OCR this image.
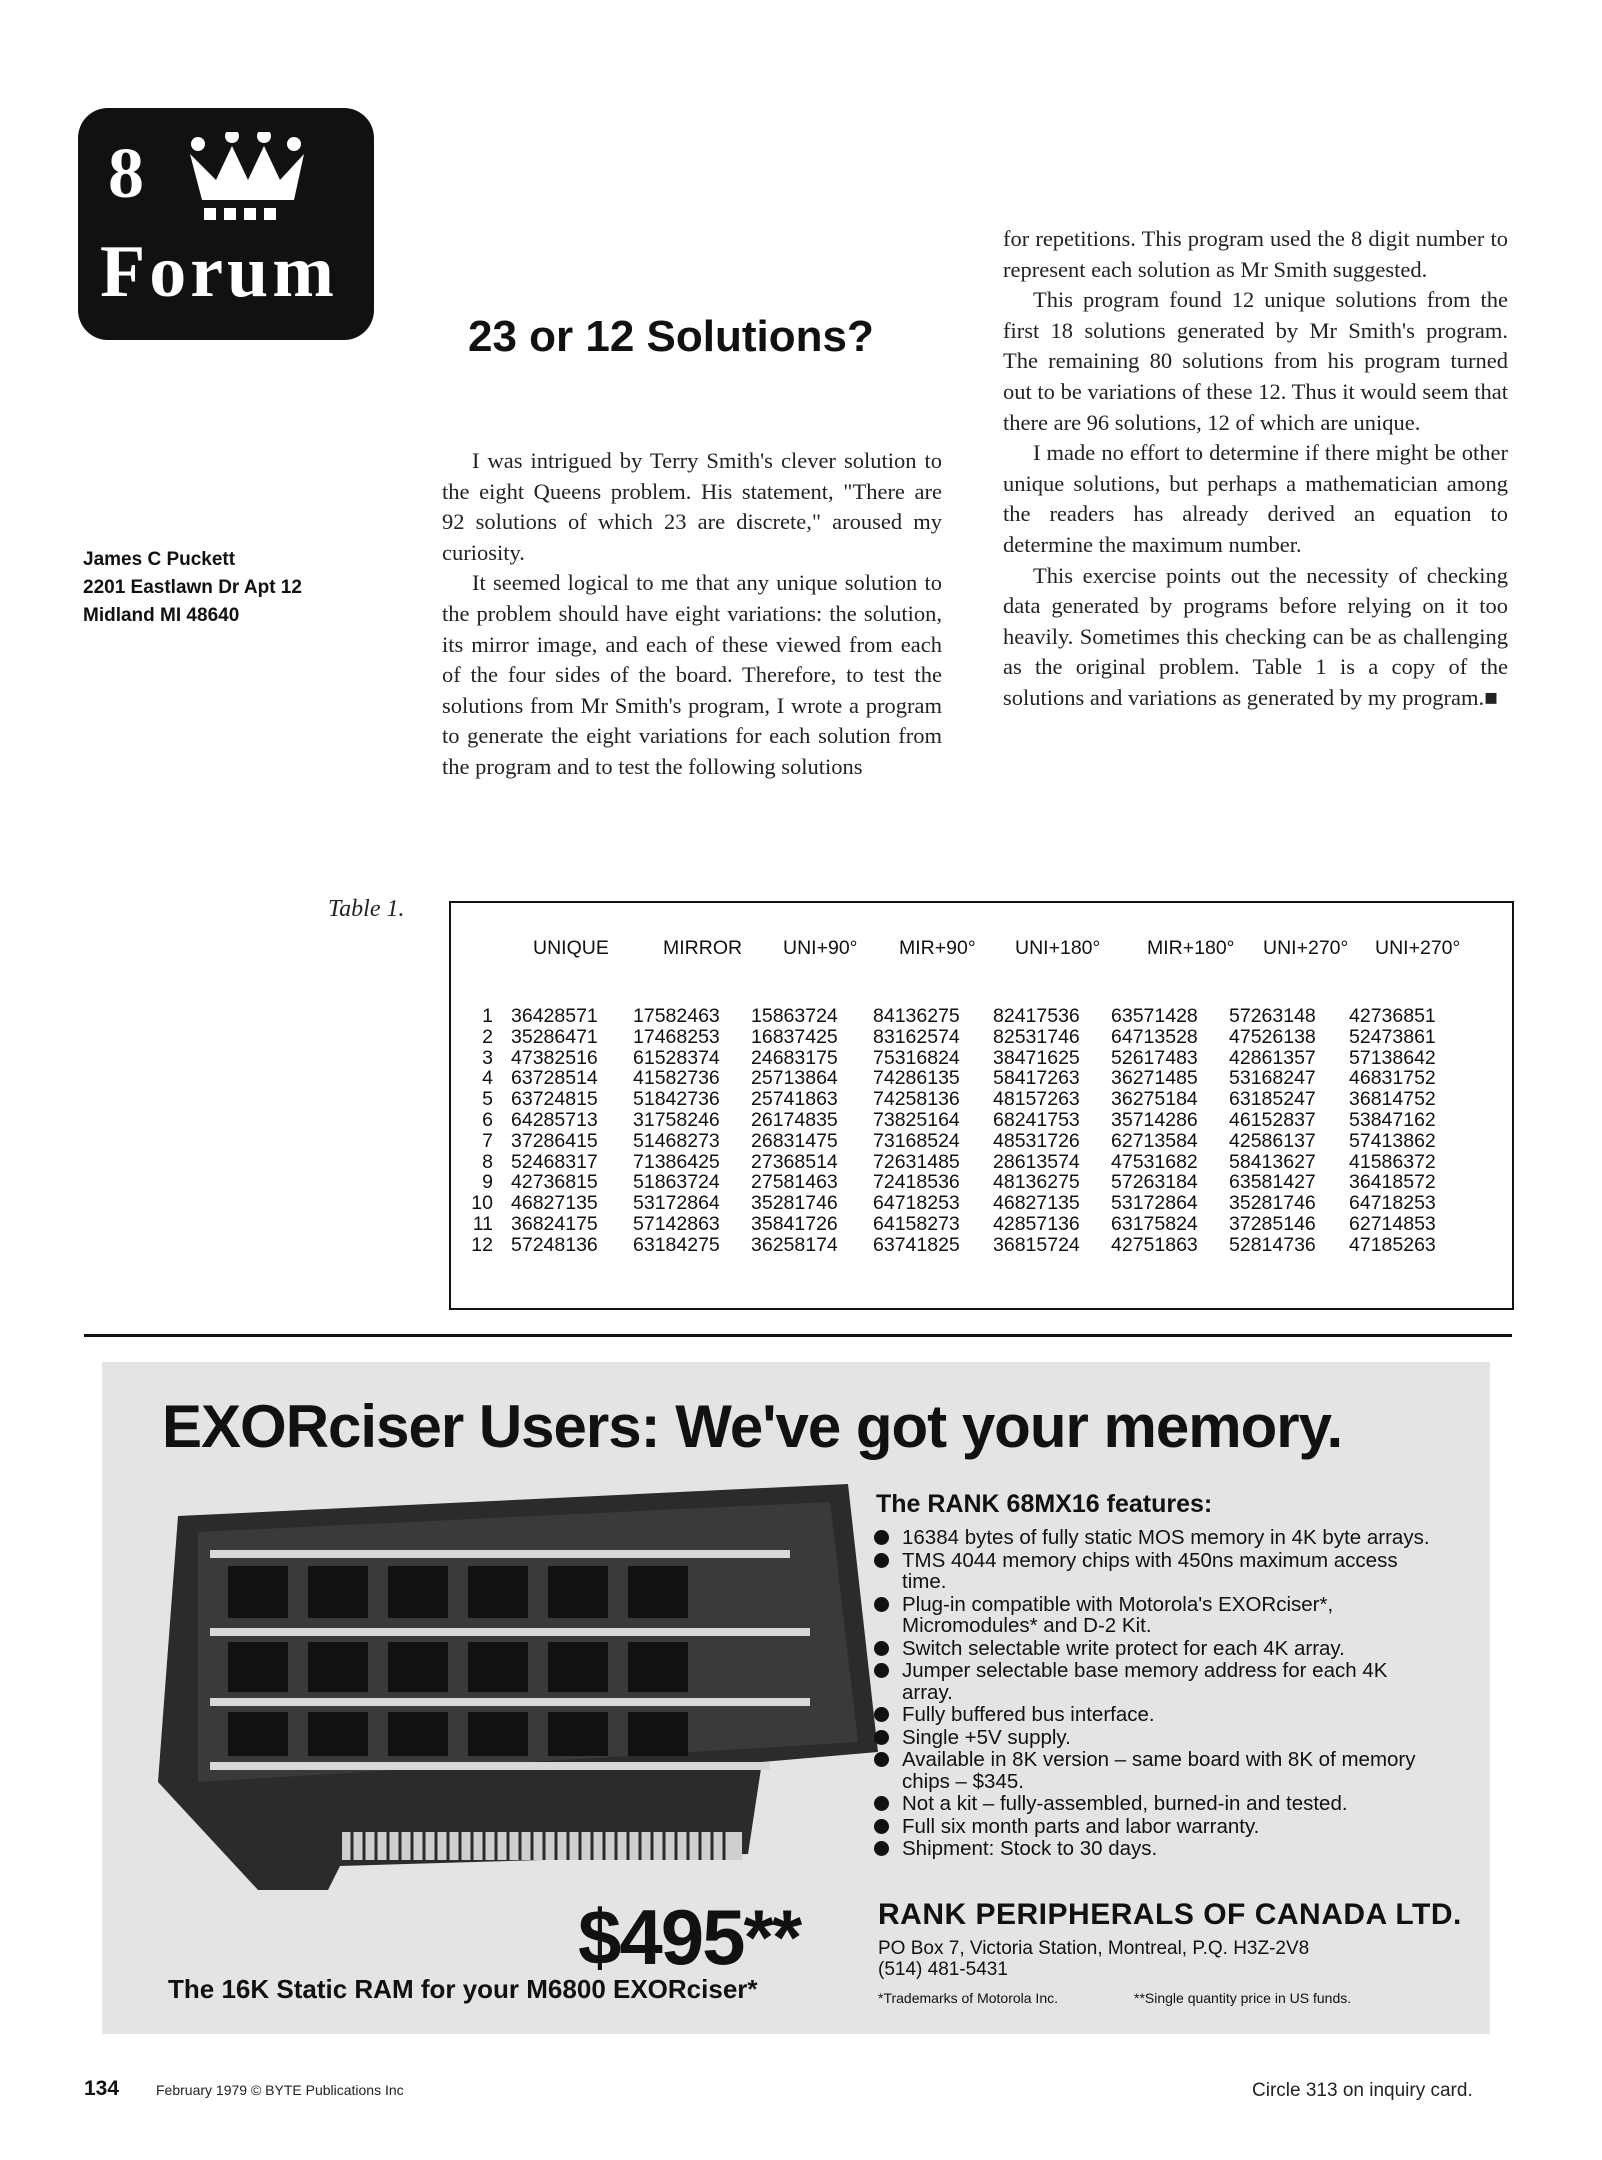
8
Forum
23 or 12 Solutions?
James C Puckett
2201 Eastlawn Dr Apt 12
Midland MI 48640

I was intrigued by Terry Smith's clever solution to the eight Queens problem. His statement, "There are 92 solutions of which 23 are discrete," aroused my curiosity.

It seemed logical to me that any unique solution to the problem should have eight variations: the solution, its mirror image, and each of these viewed from each of the four sides of the board. Therefore, to test the solutions from Mr Smith's program, I wrote a program to generate the eight variations for each solution from the program and to test the following solutions

for repetitions. This program used the 8 digit number to represent each solution as Mr Smith suggested.

This program found 12 unique solutions from the first 18 solutions generated by Mr Smith's program. The remaining 80 solutions from his program turned out to be variations of these 12. Thus it would seem that there are 96 solutions, 12 of which are unique.

I made no effort to determine if there might be other unique solutions, but perhaps a mathematician among the readers has already derived an equation to determine the maximum number.

This exercise points out the necessity of checking data generated by programs before relying on it too heavily. Sometimes this checking can be as challenging as the original problem. Table 1 is a copy of the solutions and variations as generated by my program.■

Table 1.
UNIQUE	MIRROR UNI+90° MIR+90° UNI+180° MIR+180° UNI+270° UNI+270°
1 36428571 17582463 15863724 84136275 82417536 63571428 57263148 42736851
2 35286471 17468253 16837425 83162574 82531746 64713528 47526138 52473861
3 47382516 61528374 24683175 75316824 38471625 52617483 42861357 57138642
4 63728514 41582736 25713864 74286135 58417263 36271485 53168247 46831752
5 63724815 51842736 25741863 74258136 48157263 36275184 63185247 36814752
6 64285713 31758246 26174835 73825164 68241753 35714286 46152837 53847162
7 37286415 51468273 26831475 73168524 48531726 62713584 42586137 57413862
8 52468317 71386425 27368514 72631485 28613574 47531682 58413627 41586372
9 42736815 51863724 27581463 72418536 48136275 57263184 63581427 36418572
10 46827135 53172864 35281746 64718253 46827135 53172864 35281746 64718253
11 36824175 57142863 35841726 64158273 42857136 63175824 37285146 62714853
12 57248136 63184275 36258174 63741825 36815724 42751863 52814736 47185263
EXORciser Users: We've got your memory.
The RANK 68MX16 features:
16384 bytes of fully static MOS memory in 4K byte arrays.
TMS 4044 memory chips with 450ns maximum access time.
Plug-in compatible with Motorola's EXORciser*, Micromodules* and D-2 Kit.
Switch selectable write protect for each 4K array.
Jumper selectable base memory address for each 4K array.
Fully buffered bus interface.
Single +5V supply.
Available in 8K version – same board with 8K of memory chips – $345.
Not a kit – fully-assembled, burned-in and tested.
Full six month parts and labor warranty.
Shipment: Stock to 30 days.
$495**
The 16K Static RAM for your M6800 EXORciser*
RANK PERIPHERALS OF CANADA LTD.
PO Box 7, Victoria Station, Montreal, P.Q. H3Z-2V8
(514) 481-5431
*Trademarks of Motorola Inc.	**Single quantity price in US funds.
134	February 1979 © BYTE Publications Inc	Circle 313 on inquiry card.
